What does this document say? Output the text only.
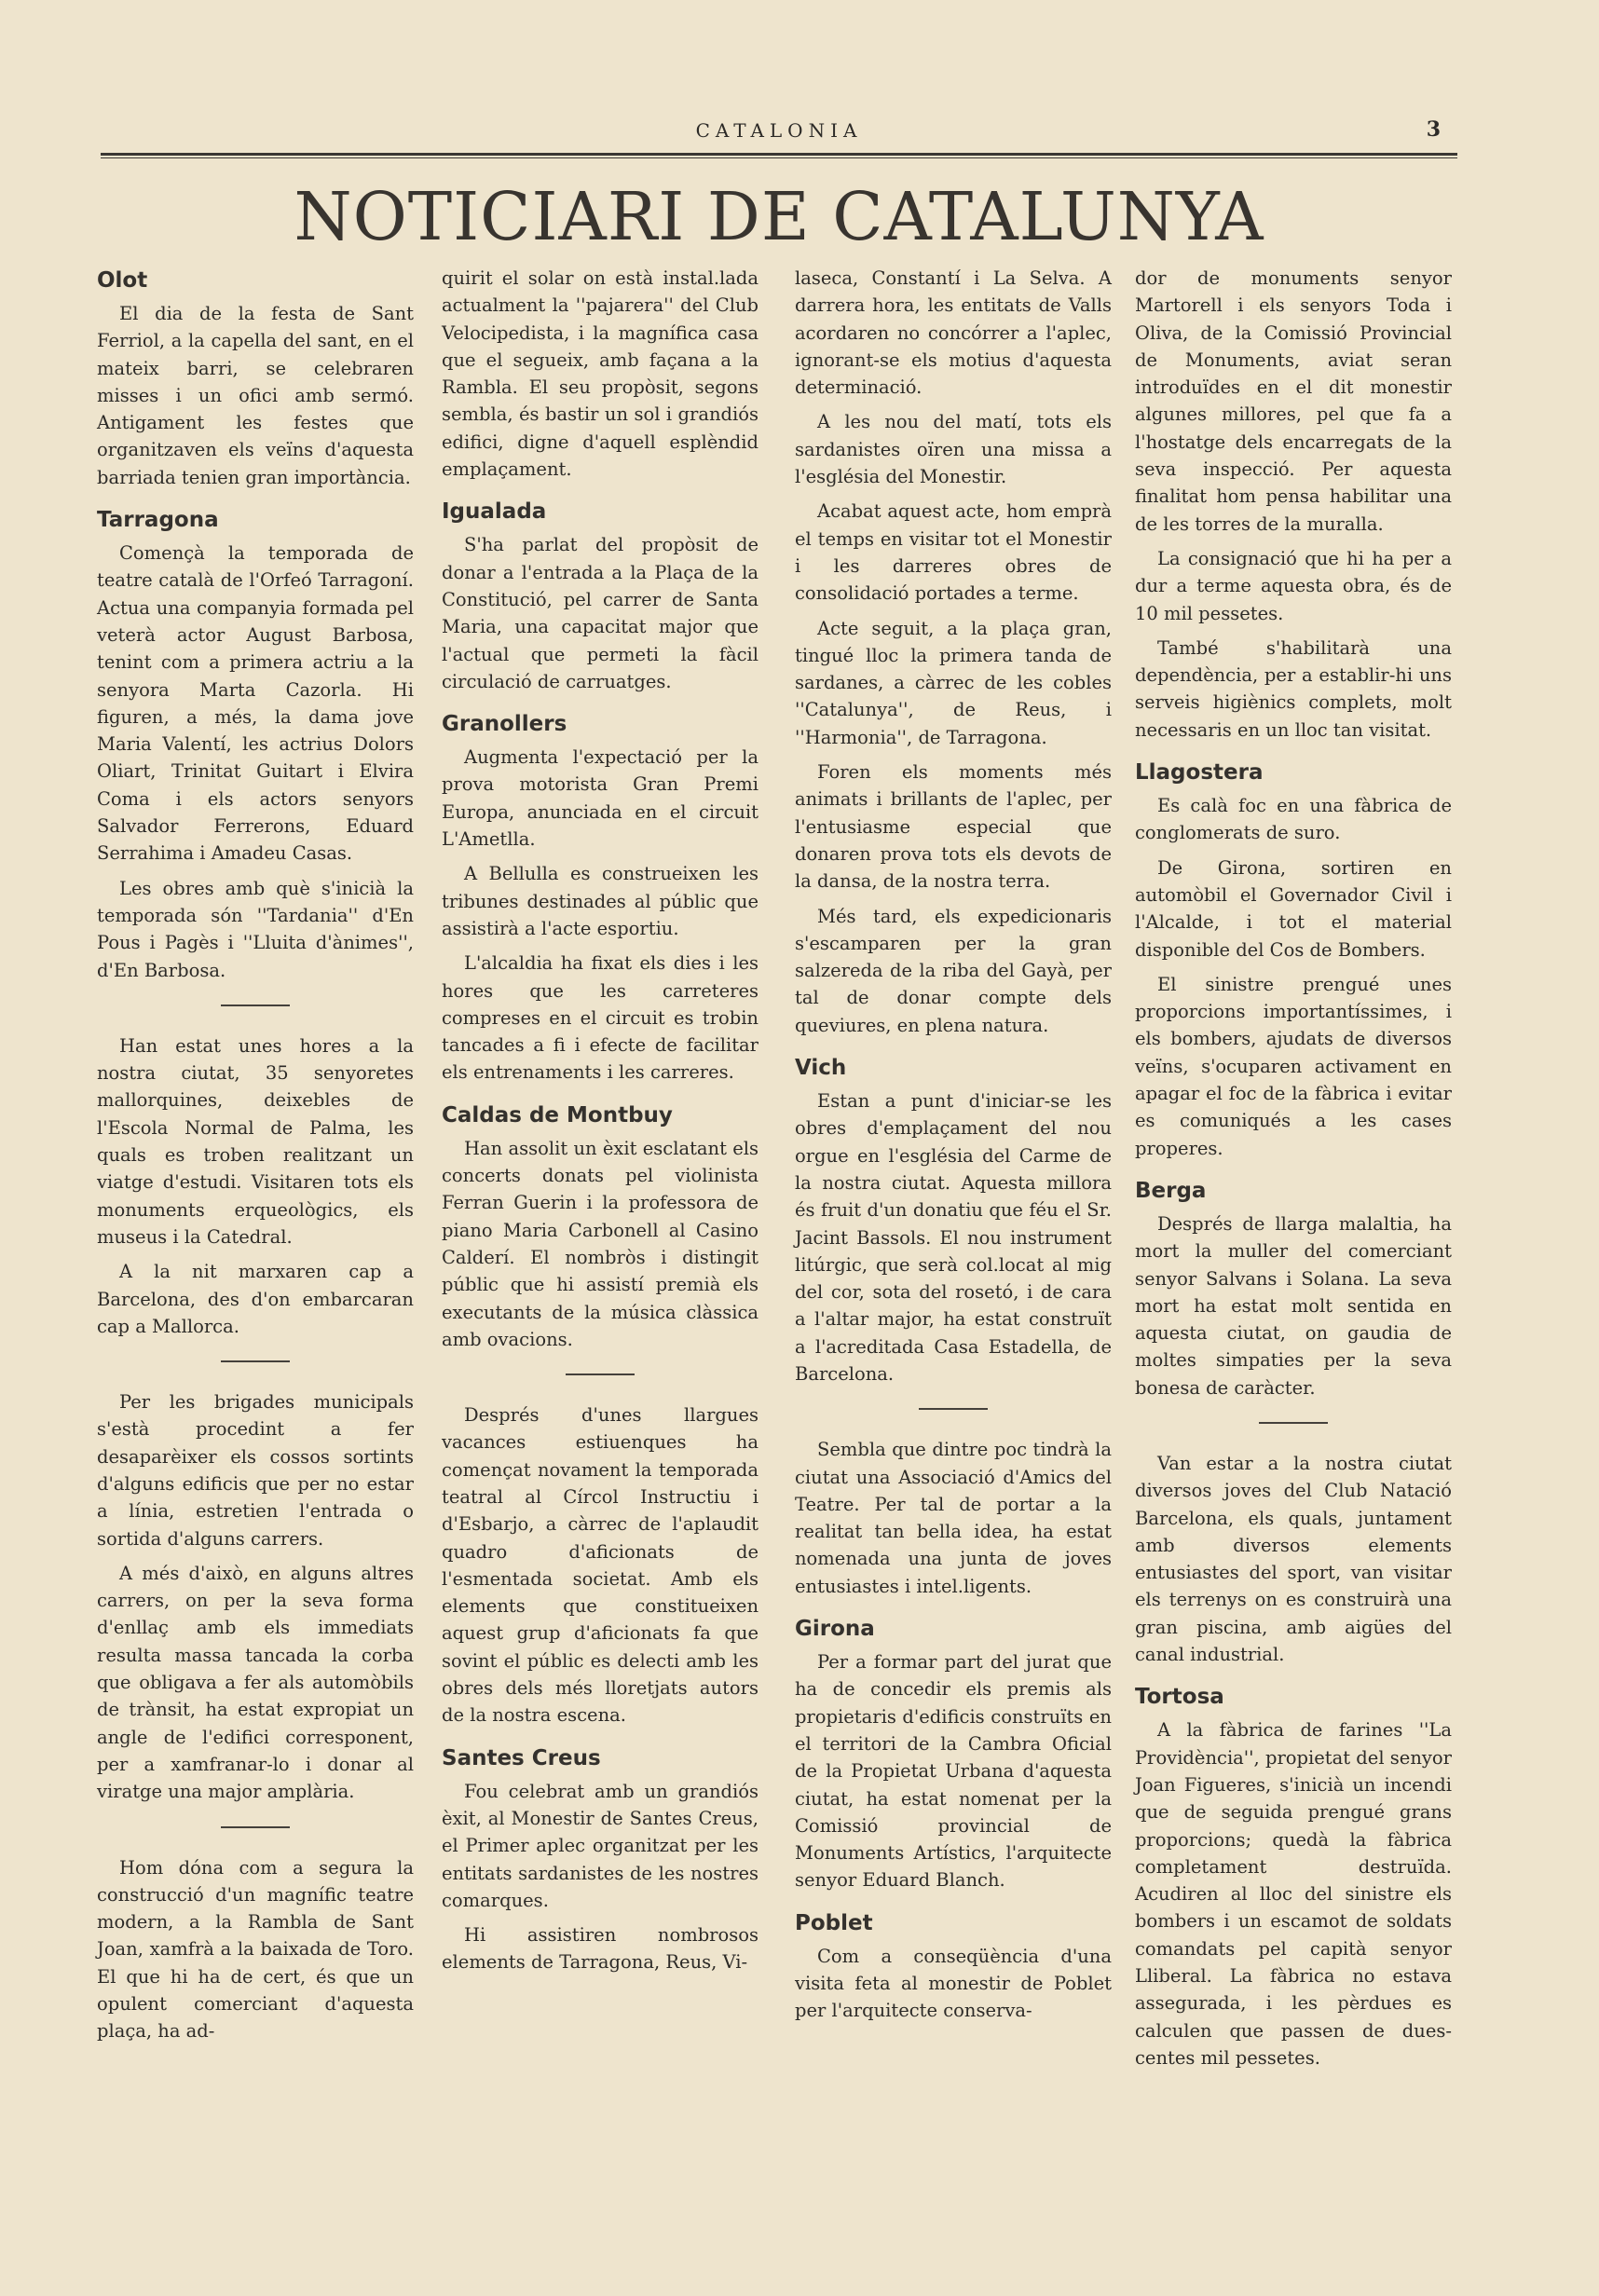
CATALONIA	3
NOTICIARI DE CATALUNYA
Olot

El dia de la festa de Sant Ferriol, a la capella del sant, en el mateix barri, se celebraren misses i un ofici amb sermó. Antigament les festes que organitzaven els veïns d'aquesta barriada tenien gran importància.

Tarragona

Començà la temporada de teatre català de l'Orfeó Tarragoní. Actua una companyia formada pel veterà actor August Barbosa, tenint com a primera actriu a la senyora Marta Cazorla. Hi figuren, a més, la dama jove Maria Valentí, les actrius Dolors Oliart, Trinitat Guitart i Elvira Coma i els actors senyors Salvador Ferrerons, Eduard Serrahima i Amadeu Casas.

Les obres amb què s'inicià la temporada són ''Tardania'' d'En Pous i Pagès i ''Lluita d'ànimes'', d'En Barbosa.

Han estat unes hores a la nostra ciutat, 35 senyoretes mallorquines, deixebles de l'Escola Normal de Palma, les quals es troben realitzant un viatge d'estudi. Visitaren tots els monuments erqueològics, els museus i la Catedral.

A la nit marxaren cap a Barcelona, des d'on embarcaran cap a Mallorca.

Per les brigades municipals s'està procedint a fer desaparèixer els cossos sortints d'alguns edificis que per no estar a línia, estretien l'entrada o sortida d'alguns carrers.

A més d'això, en alguns altres carrers, on per la seva forma d'enllaç amb els immediats resulta massa tancada la corba que obligava a fer als automòbils de trànsit, ha estat expropiat un angle de l'edifici corresponent, per a xamfranar-lo i donar al viratge una major amplària.

Hom dóna com a segura la construcció d'un magnífic teatre modern, a la Rambla de Sant Joan, xamfrà a la baixada de Toro. El que hi ha de cert, és que un opulent comerciant d'aquesta plaça, ha ad-

quirit el solar on està instal.lada actualment la ''pajarera'' del Club Velocipedista, i la magnífica casa que el segueix, amb façana a la Rambla. El seu propòsit, segons sembla, és bastir un sol i grandiós edifici, digne d'aquell esplèndid emplaçament.

Igualada

S'ha parlat del propòsit de donar a l'entrada a la Plaça de la Constitució, pel carrer de Santa Maria, una capacitat major que l'actual que permeti la fàcil circulació de carruatges.

Granollers

Augmenta l'expectació per la prova motorista Gran Premi Europa, anunciada en el circuit L'Ametlla.

A Bellulla es construeixen les tribunes destinades al públic que assistirà a l'acte esportiu.

L'alcaldia ha fixat els dies i les hores que les carreteres compreses en el circuit es trobin tancades a fi i efecte de facilitar els entrenaments i les carreres.

Caldas de Montbuy

Han assolit un èxit esclatant els concerts donats pel violinista Ferran Guerin i la professora de piano Maria Carbonell al Casino Calderí. El nombròs i distingit públic que hi assistí premià els executants de la música clàssica amb ovacions.

Després d'unes llargues vacances estiuenques ha començat novament la temporada teatral al Círcol Instructiu i d'Esbarjo, a càrrec de l'aplaudit quadro d'aficionats de l'esmentada societat. Amb els elements que constitueixen aquest grup d'aficionats fa que sovint el públic es delecti amb les obres dels més lloretjats autors de la nostra escena.

Santes Creus

Fou celebrat amb un grandiós èxit, al Monestir de Santes Creus, el Primer aplec organitzat per les entitats sardanistes de les nostres comarques.

Hi assistiren nombrosos elements de Tarragona, Reus, Vi-

laseca, Constantí i La Selva. A darrera hora, les entitats de Valls acordaren no concórrer a l'aplec, ignorant-se els motius d'aquesta determinació.

A les nou del matí, tots els sardanistes oïren una missa a l'església del Monestir.

Acabat aquest acte, hom emprà el temps en visitar tot el Monestir i les darreres obres de consolidació portades a terme.

Acte seguit, a la plaça gran, tingué lloc la primera tanda de sardanes, a càrrec de les cobles ''Catalunya'', de Reus, i ''Harmonia'', de Tarragona.

Foren els moments més animats i brillants de l'aplec, per l'entusiasme especial que donaren prova tots els devots de la dansa, de la nostra terra.

Més tard, els expedicionaris s'escamparen per la gran salzereda de la riba del Gayà, per tal de donar compte dels queviures, en plena natura.

Vich

Estan a punt d'iniciar-se les obres d'emplaçament del nou orgue en l'església del Carme de la nostra ciutat. Aquesta millora és fruit d'un donatiu que féu el Sr. Jacint Bassols. El nou instrument litúrgic, que serà col.locat al mig del cor, sota del rosetó, i de cara a l'altar major, ha estat construït a l'acreditada Casa Estadella, de Barcelona.

Sembla que dintre poc tindrà la ciutat una Associació d'Amics del Teatre. Per tal de portar a la realitat tan bella idea, ha estat nomenada una junta de joves entusiastes i intel.ligents.

Girona

Per a formar part del jurat que ha de concedir els premis als propietaris d'edificis construïts en el territori de la Cambra Oficial de la Propietat Urbana d'aquesta ciutat, ha estat nomenat per la Comissió provincial de Monuments Artístics, l'arquitecte senyor Eduard Blanch.

Poblet

Com a conseqüència d'una visita feta al monestir de Poblet per l'arquitecte conserva-

dor de monuments senyor Martorell i els senyors Toda i Oliva, de la Comissió Provincial de Monuments, aviat seran introduïdes en el dit monestir algunes millores, pel que fa a l'hostatge dels encarregats de la seva inspecció. Per aquesta finalitat hom pensa habilitar una de les torres de la muralla.

La consignació que hi ha per a dur a terme aquesta obra, és de 10 mil pessetes.

També s'habilitarà una dependència, per a establir-hi uns serveis higiènics complets, molt necessaris en un lloc tan visitat.

Llagostera

Es calà foc en una fàbrica de conglomerats de suro.

De Girona, sortiren en automòbil el Governador Civil i l'Alcalde, i tot el material disponible del Cos de Bombers.

El sinistre prengué unes proporcions importantíssimes, i els bombers, ajudats de diversos veïns, s'ocuparen activament en apagar el foc de la fàbrica i evitar es comuniqués a les cases properes.

Berga

Després de llarga malaltia, ha mort la muller del comerciant senyor Salvans i Solana. La seva mort ha estat molt sentida en aquesta ciutat, on gaudia de moltes simpaties per la seva bonesa de caràcter.

Van estar a la nostra ciutat diversos joves del Club Natació Barcelona, els quals, juntament amb diversos elements entusiastes del sport, van visitar els terrenys on es construirà una gran piscina, amb aigües del canal industrial.

Tortosa

A la fàbrica de farines ''La Providència'', propietat del senyor Joan Figueres, s'inicià un incendi que de seguida prengué grans proporcions; quedà la fàbrica completament destruïda. Acudiren al lloc del sinistre els bombers i un escamot de soldats comandats pel capità senyor Lliberal. La fàbrica no estava assegurada, i les pèrdues es calculen que passen de dues-centes mil pessetes.
